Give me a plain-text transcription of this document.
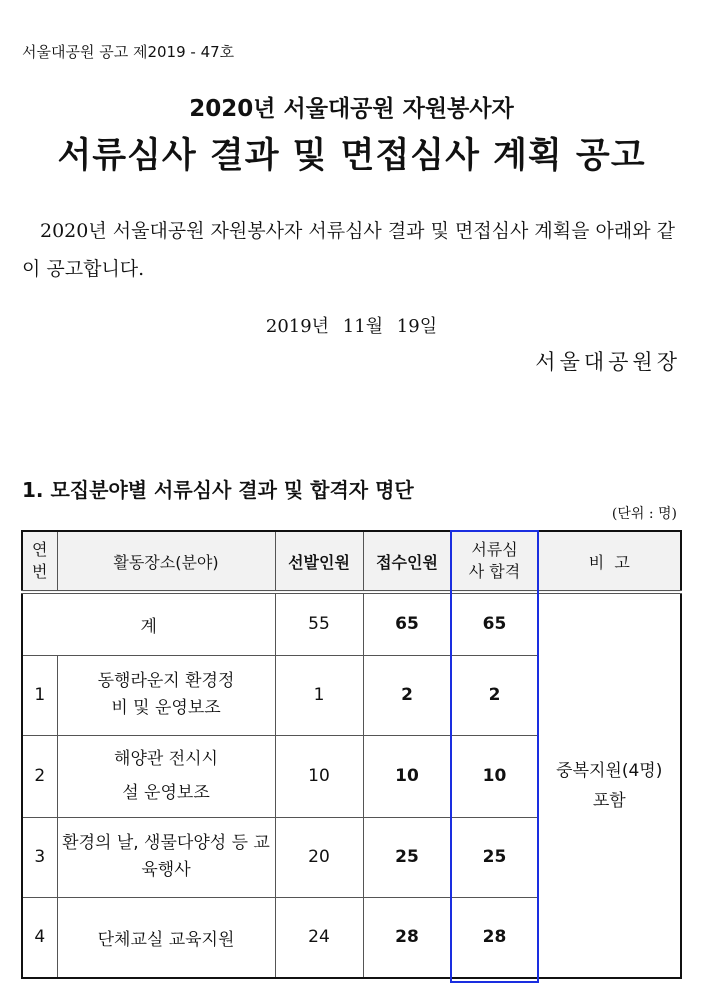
서울대공원 공고 제2019 - 47호
2020년 서울대공원 자원봉사자
서류심사 결과 및 면접심사 계획 공고
2020년 서울대공원 자원봉사자 서류심사 결과 및 면접심사 계획을 아래와 같이 공고합니다.
2019년 11월 19일
서울대공원장
1. 모집분야별 서류심사 결과 및 합격자 명단
(단위 : 명)
연번	활동장소(분야)	선발인원	접수인원	서류심사 합격	비  고
계		55	65	65	중복지원(4명) 포함
1	동행라운지 환경정비 및 운영보조	1	2	2	
2	해양관 전시시설 운영보조	10	10	10	
3	환경의 날, 생물다양성 등 교육행사	20	25	25	
4	단체교실 교육지원	24	28	28	
